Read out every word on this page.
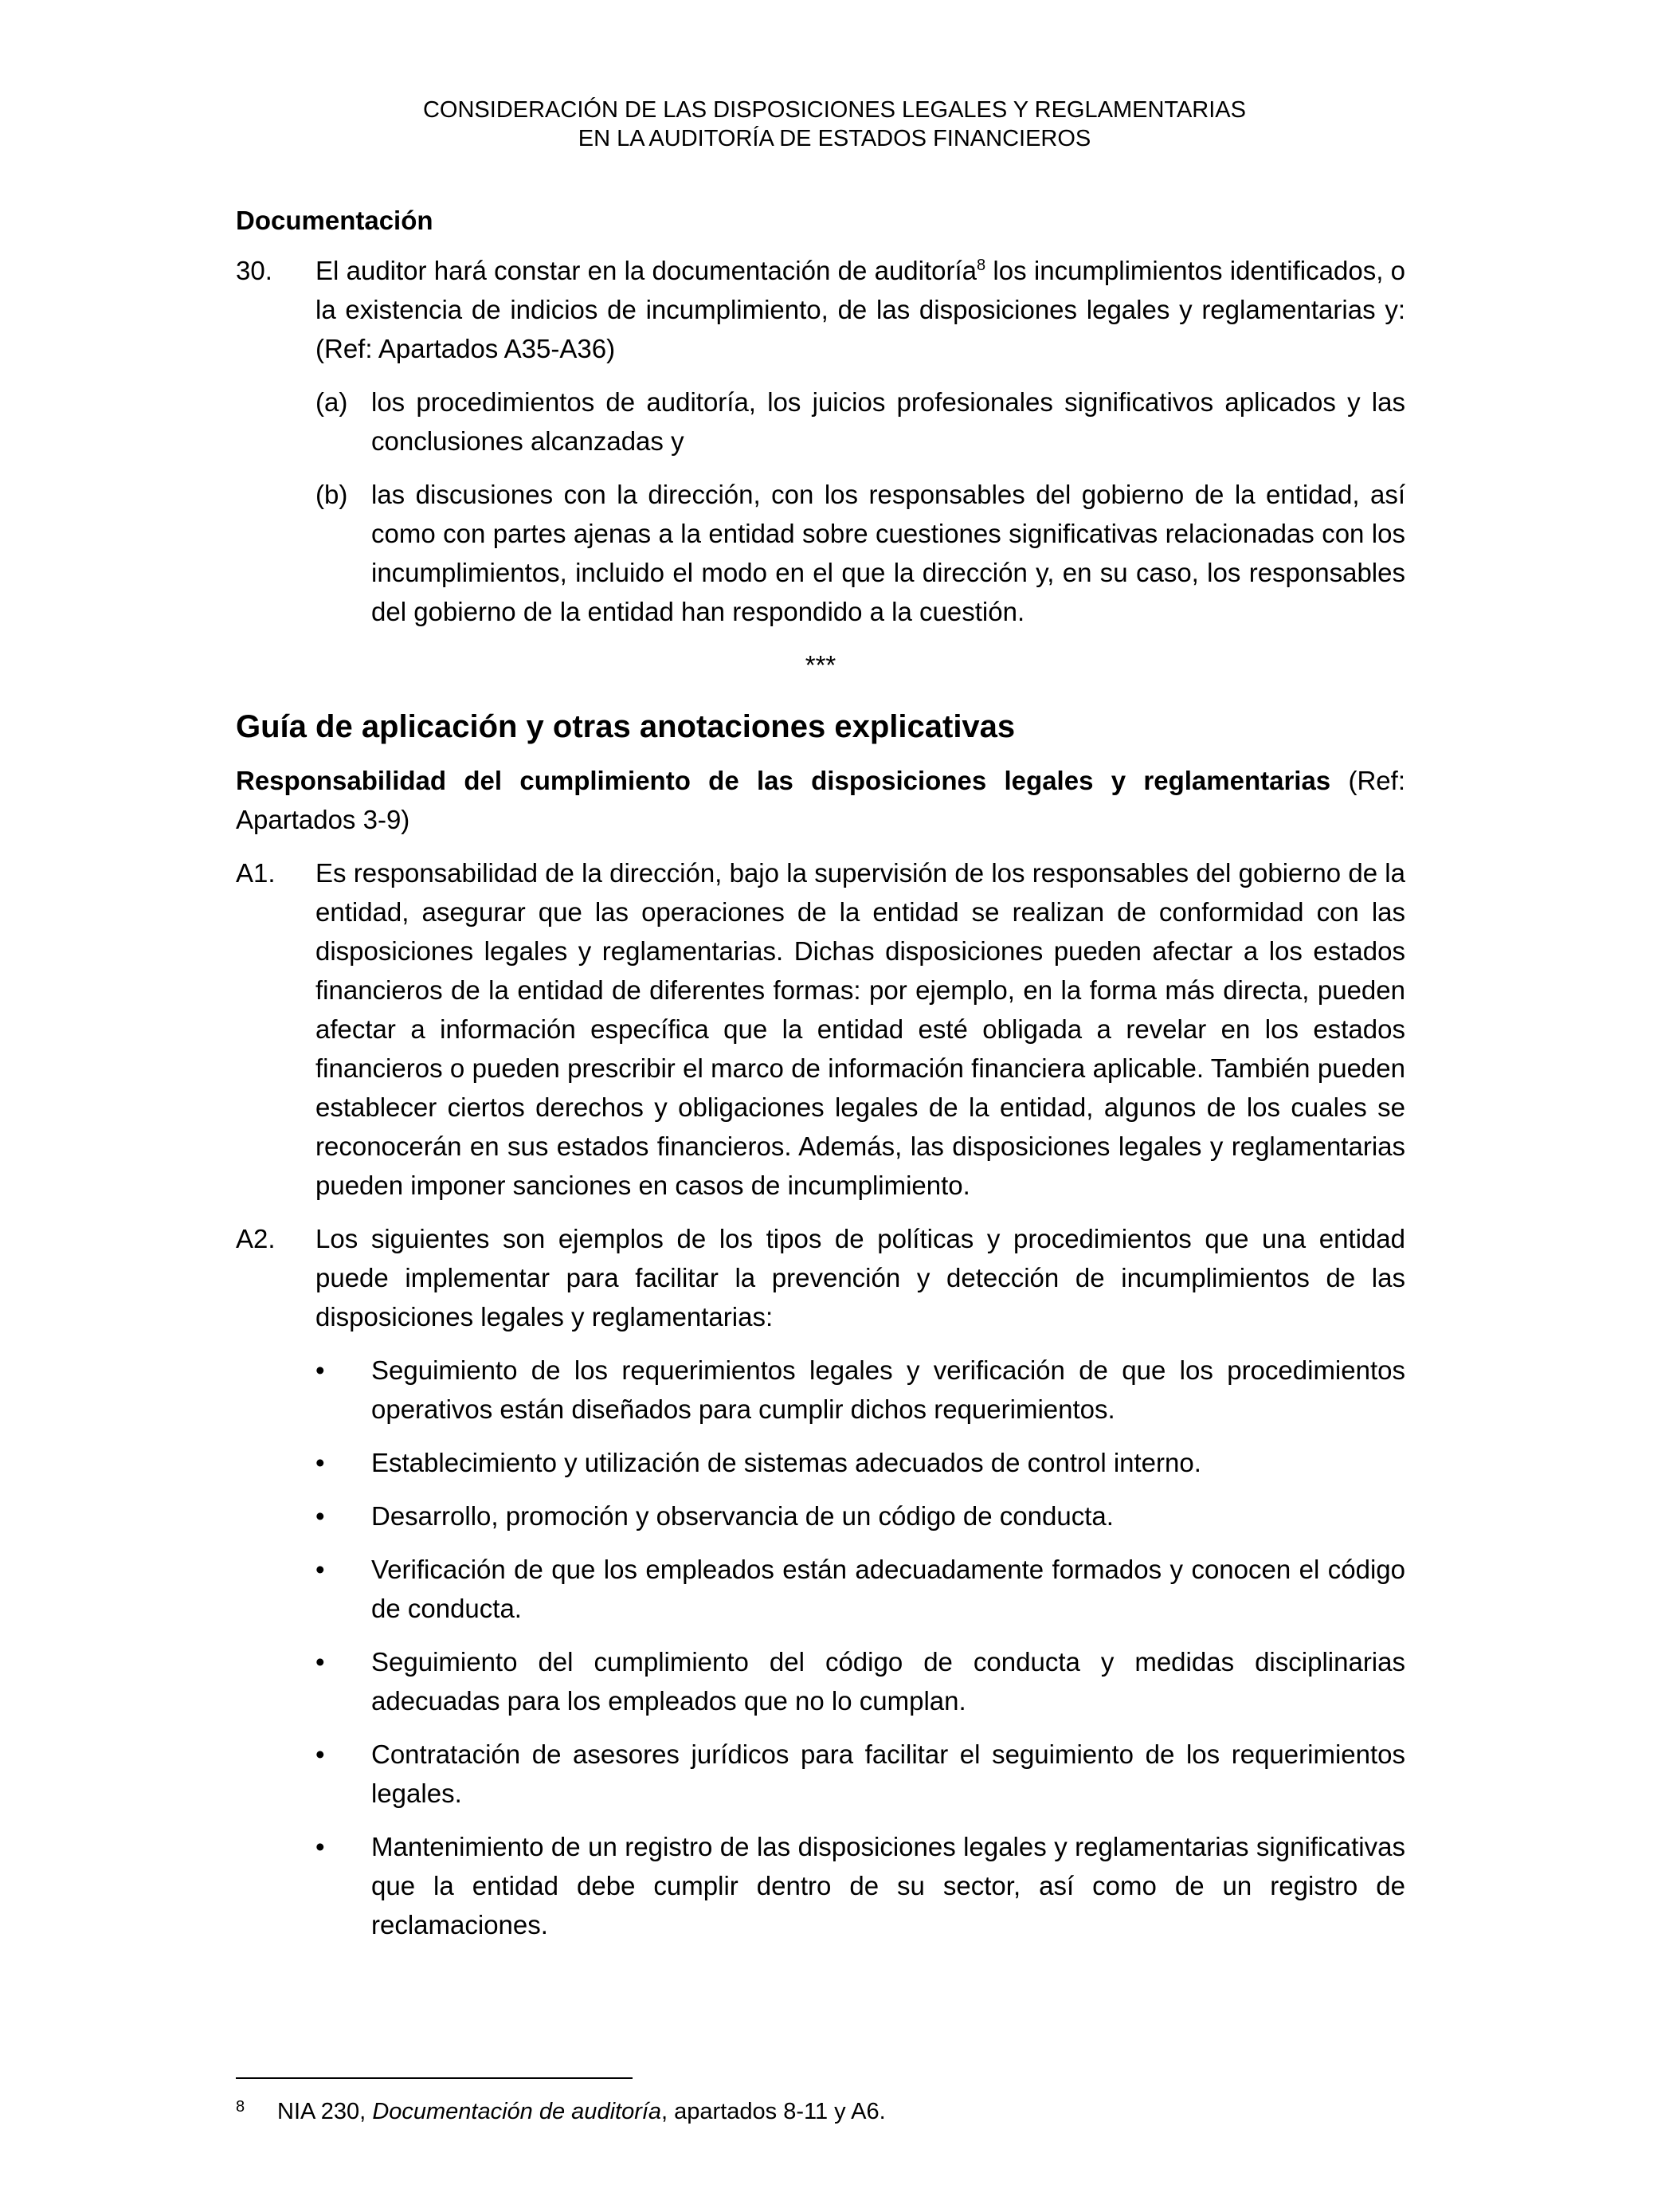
CONSIDERACIÓN DE LAS DISPOSICIONES LEGALES Y REGLAMENTARIAS
EN LA AUDITORÍA DE ESTADOS FINANCIEROS
Documentación
30.	El auditor hará constar en la documentación de auditoría$^8$ los incumplimientos identificados, o la existencia de indicios de incumplimiento, de las disposiciones legales y reglamentarias y: (Ref: Apartados A35-A36)
(a) los procedimientos de auditoría, los juicios profesionales significativos aplicados y las conclusiones alcanzadas y
(b) las discusiones con la dirección, con los responsables del gobierno de la entidad, así como con partes ajenas a la entidad sobre cuestiones significativas relacionadas con los incumplimientos, incluido el modo en el que la dirección y, en su caso, los responsables del gobierno de la entidad han respondido a la cuestión.
***
Guía de aplicación y otras anotaciones explicativas
Responsabilidad del cumplimiento de las disposiciones legales y reglamentarias (Ref: Apartados 3-9)
A1.	Es responsabilidad de la dirección, bajo la supervisión de los responsables del gobierno de la entidad, asegurar que las operaciones de la entidad se realizan de conformidad con las disposiciones legales y reglamentarias. Dichas disposiciones pueden afectar a los estados financieros de la entidad de diferentes formas: por ejemplo, en la forma más directa, pueden afectar a información específica que la entidad esté obligada a revelar en los estados financieros o pueden prescribir el marco de información financiera aplicable. También pueden establecer ciertos derechos y obligaciones legales de la entidad, algunos de los cuales se reconocerán en sus estados financieros. Además, las disposiciones legales y reglamentarias pueden imponer sanciones en casos de incumplimiento.
A2.	Los siguientes son ejemplos de los tipos de políticas y procedimientos que una entidad puede implementar para facilitar la prevención y detección de incumplimientos de las disposiciones legales y reglamentarias:
•	Seguimiento de los requerimientos legales y verificación de que los procedimientos operativos están diseñados para cumplir dichos requerimientos.
•	Establecimiento y utilización de sistemas adecuados de control interno.
•	Desarrollo, promoción y observancia de un código de conducta.
•	Verificación de que los empleados están adecuadamente formados y conocen el código de conducta.
•	Seguimiento del cumplimiento del código de conducta y medidas disciplinarias adecuadas para los empleados que no lo cumplan.
•	Contratación de asesores jurídicos para facilitar el seguimiento de los requerimientos legales.
•	Mantenimiento de un registro de las disposiciones legales y reglamentarias significativas que la entidad debe cumplir dentro de su sector, así como de un registro de reclamaciones.
8	NIA 230, Documentación de auditoría, apartados 8-11 y A6.
